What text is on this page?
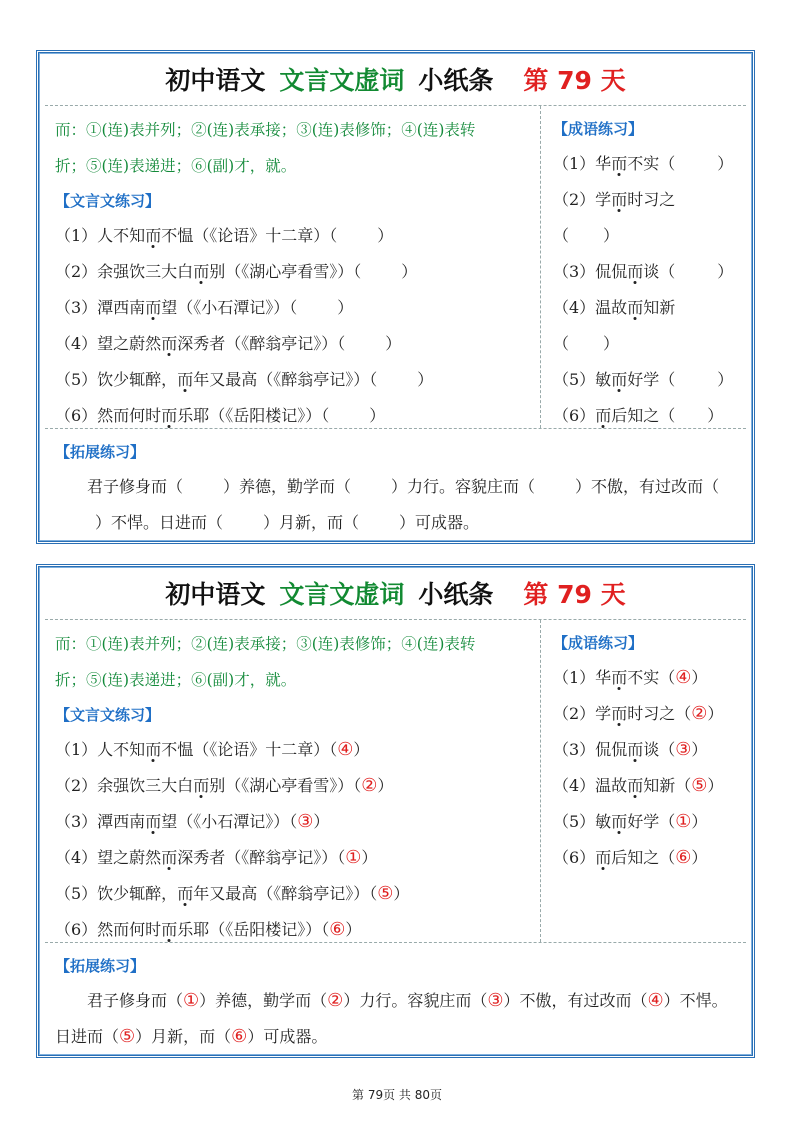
初中语文 文言文虚词 小纸条 第 79 天
而：①(连)表并列；②(连)表承接；③(连)表修饰；④(连)表转
折；⑤(连)表递进；⑥(副)才，就。
【文言文练习】
（1）人不知而不愠（《论语》十二章）（	）
（2）余强饮三大白而别（《湖心亭看雪》）（	）
（3）潭西南而望（《小石潭记》）（	）
（4）望之蔚然而深秀者（《醉翁亭记》）（	）
（5）饮少辄醉，而年又最高（《醉翁亭记》）（	）
（6）然而何时而乐耶（《岳阳楼记》）（	）
【成语练习】
（1）华而不实（	）
（2）学而时习之
（ ）
（3）侃侃而谈（	）
（4）温故而知新
（ ）
（5）敏而好学（	）
（6）而后知之（ ）
【拓展练习】
君子修身而（	）养德，勤学而（	）力行。容貌庄而（	）不傲，有过改而（）不悍。日进而（	）月新，而（	）可成器。
初中语文 文言文虚词 小纸条 第 79 天
而：①(连)表并列；②(连)表承接；③(连)表修饰；④(连)表转
折；⑤(连)表递进；⑥(副)才，就。
【文言文练习】
（1）人不知而不愠（《论语》十二章）（④）
（2）余强饮三大白而别（《湖心亭看雪》）（②）
（3）潭西南而望（《小石潭记》）（③）
（4）望之蔚然而深秀者（《醉翁亭记》）（①）
（5）饮少辄醉，而年又最高（《醉翁亭记》）（⑤）
（6）然而何时而乐耶（《岳阳楼记》）（⑥）
【成语练习】
（1）华而不实（④）
（2）学而时习之（②）
（3）侃侃而谈（③）
（4）温故而知新（⑤）
（5）敏而好学（①）
（6）而后知之（⑥）
【拓展练习】
君子修身而（①）养德，勤学而（②）力行。容貌庄而（③）不傲，有过改而（④）不悍。日进而（⑤）月新，而（⑥）可成器。
第 79页 共 80页
